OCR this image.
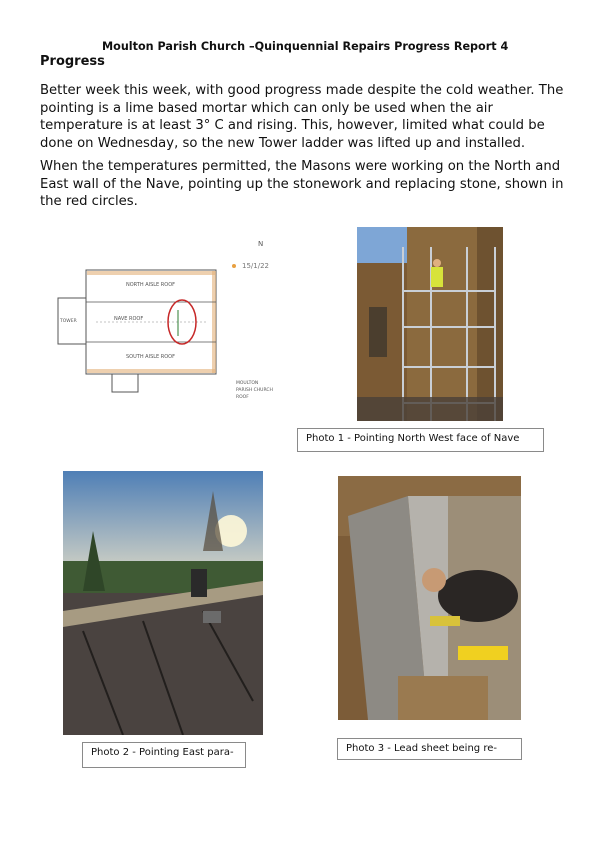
Moulton Parish Church –Quinquennial Repairs Progress Report 4
Progress
Better week this week, with good progress made despite the cold weather. The pointing is a lime based mortar which can only be used when the air temperature is at least 3° C and rising. This, however, limited what could be done on Wednesday, so the new Tower ladder was lifted up and installed.
When the temperatures permitted, the Masons were working on the North and East wall of the Nave, pointing up the stonework and replacing stone, shown in the red circles.
NORTH AISLE ROOF
NAVE ROOF
SOUTH AISLE ROOF
TOWER
N
15/1/22
MOULTON
PARISH CHURCH
ROOF
Photo 1 - Pointing North West face of Nave
Photo 2 - Pointing East para-	Photo 3 - Lead sheet being re-
